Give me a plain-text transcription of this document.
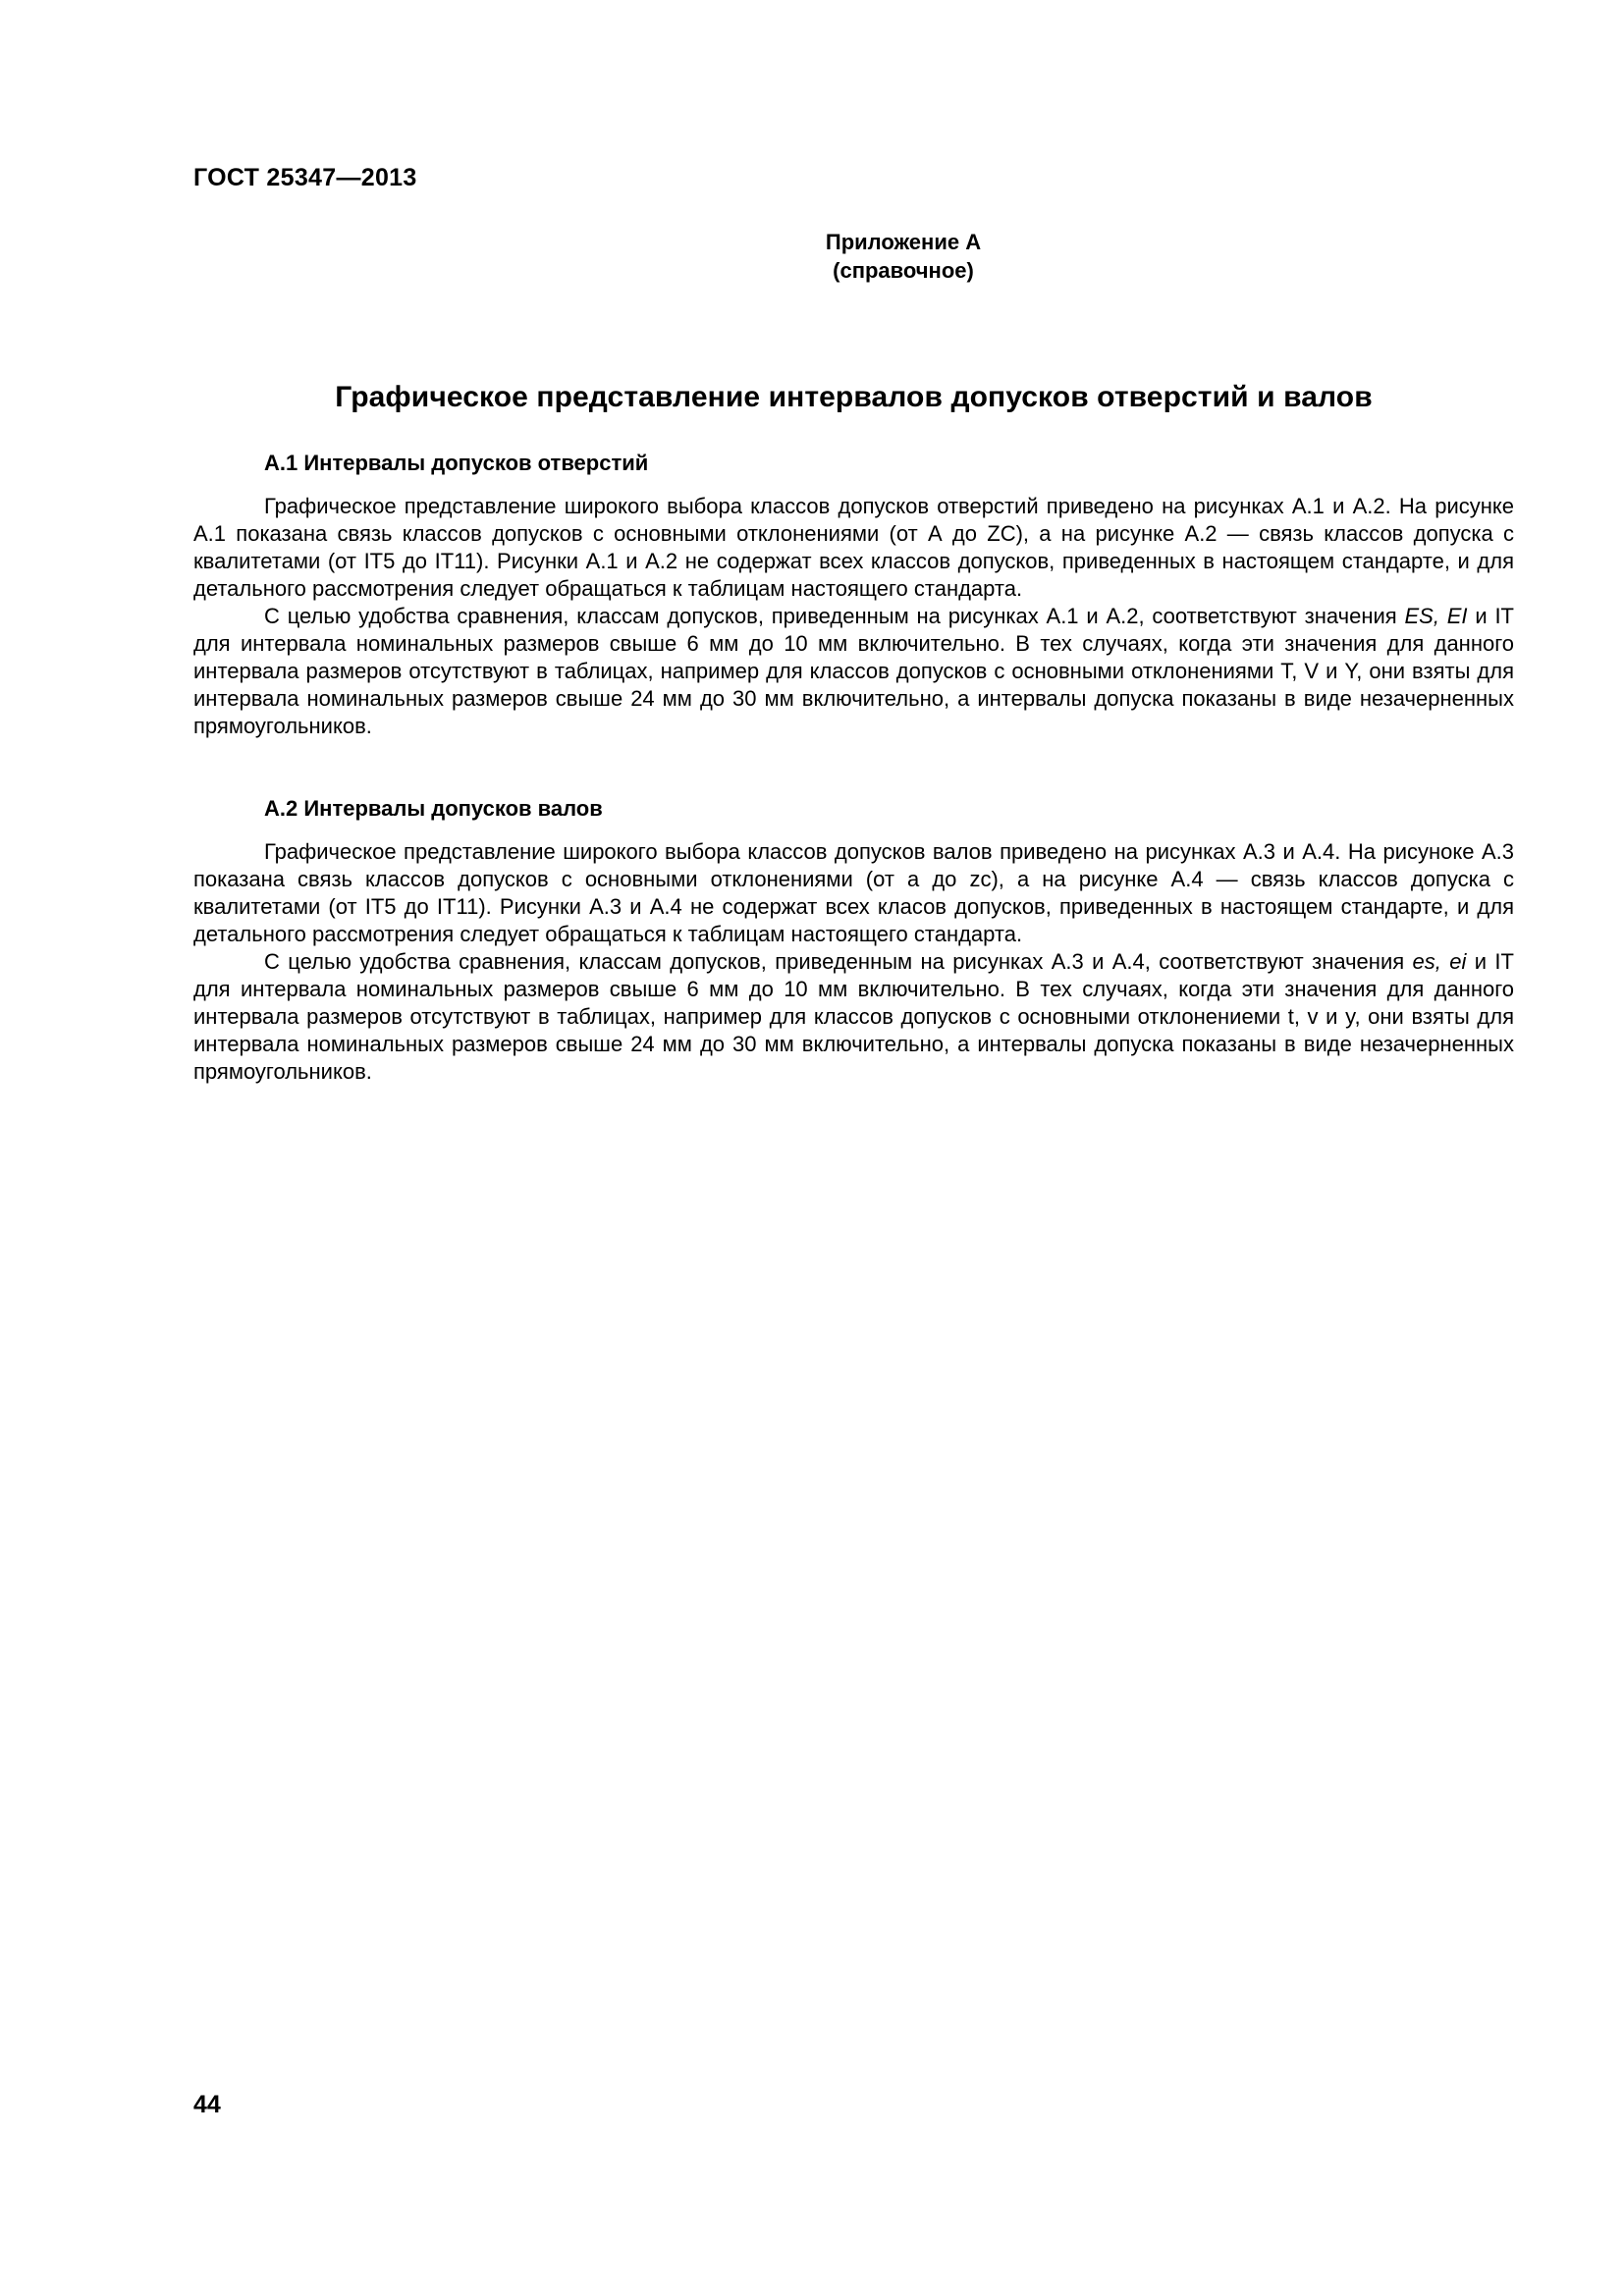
ГОСТ 25347—2013
Приложение А
(справочное)
Графическое представление интервалов допусков отверстий и валов

А.1 Интервалы допусков отверстий

Графическое представление широкого выбора классов допусков отверстий приведено на рисунках А.1 и А.2. На рисунке А.1 показана связь классов допусков с основными отклонениями (от А до ZC), а на рисунке А.2 — связь классов допуска с квалитетами (от IT5 до IT11). Рисунки А.1 и А.2 не содержат всех классов допусков, приведенных в настоящем стандарте, и для детального рассмотрения следует обращаться к таблицам настоящего стандарта.

С целью удобства сравнения, классам допусков, приведенным на рисунках А.1 и А.2, соответствуют значения ES, EI и IT для интервала номинальных размеров свыше 6 мм до 10 мм включительно. В тех случаях, когда эти значения для данного интервала размеров отсутствуют в таблицах, например для классов допусков с основными отклонениями T, V и Y, они взяты для интервала номинальных размеров свыше 24 мм до 30 мм включительно, а интервалы допуска показаны в виде незачерненных прямоугольников.

А.2 Интервалы допусков валов

Графическое представление широкого выбора классов допусков валов приведено на рисунках А.3 и А.4. На рисуноке А.3 показана связь классов допусков с основными отклонениями (от a до zc), а на рисунке А.4 — связь классов допуска с квалитетами (от IT5 до IT11). Рисунки А.3 и А.4 не содержат всех класов допусков, приведенных в настоящем стандарте, и для детального рассмотрения следует обращаться к таблицам настоящего стандарта.

С целью удобства сравнения, классам допусков, приведенным на рисунках А.3 и А.4, соответствуют значения es, ei и IT для интервала номинальных размеров свыше 6 мм до 10 мм включительно. В тех случаях, когда эти значения для данного интервала размеров отсутствуют в таблицах, например для классов допусков с основными отклонениеми t, v и y, они взяты для интервала номинальных размеров свыше 24 мм до 30 мм включительно, а интервалы допуска показаны в виде незачерненных прямоугольников.

44
